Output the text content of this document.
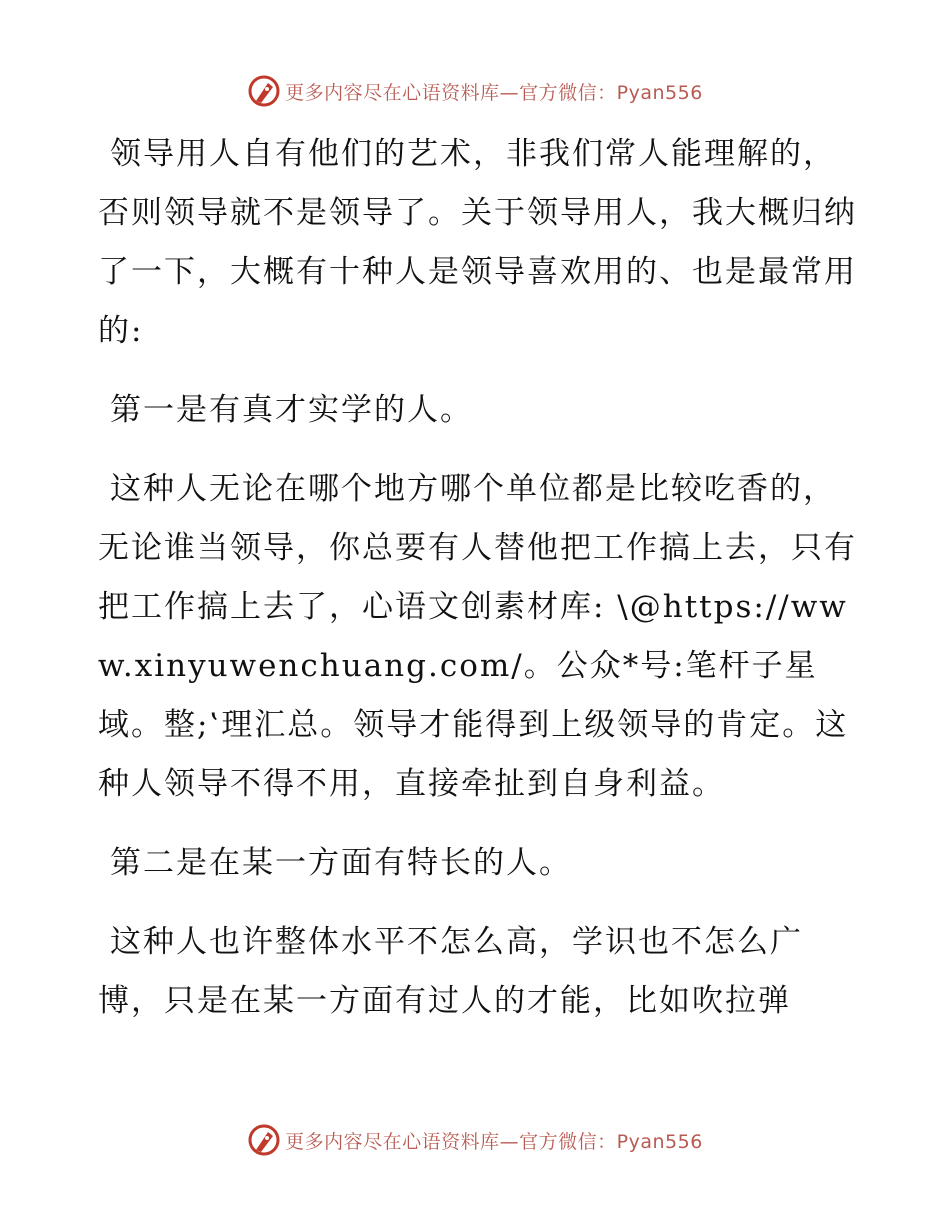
更多内容尽在心语资料库—官方微信：Pyan556

领导用人自有他们的艺术，非我们常人能理解的，否则领导就不是领导了。关于领导用人，我大概归纳了一下，大概有十种人是领导喜欢用的、也是最常用的:

第一是有真才实学的人。

这种人无论在哪个地方哪个单位都是比较吃香的，无论谁当领导，你总要有人替他把工作搞上去，只有把工作搞上去了，心语文创素材库: \@https://www.xinyuwenchuang.com/。公众*号:笔杆子星域。整;‛理汇总。领导才能得到上级领导的肯定。这种人领导不得不用，直接牵扯到自身利益。

第二是在某一方面有特长的人。

这种人也许整体水平不怎么高，学识也不怎么广博，只是在某一方面有过人的才能，比如吹拉弹

更多内容尽在心语资料库—官方微信：Pyan556
